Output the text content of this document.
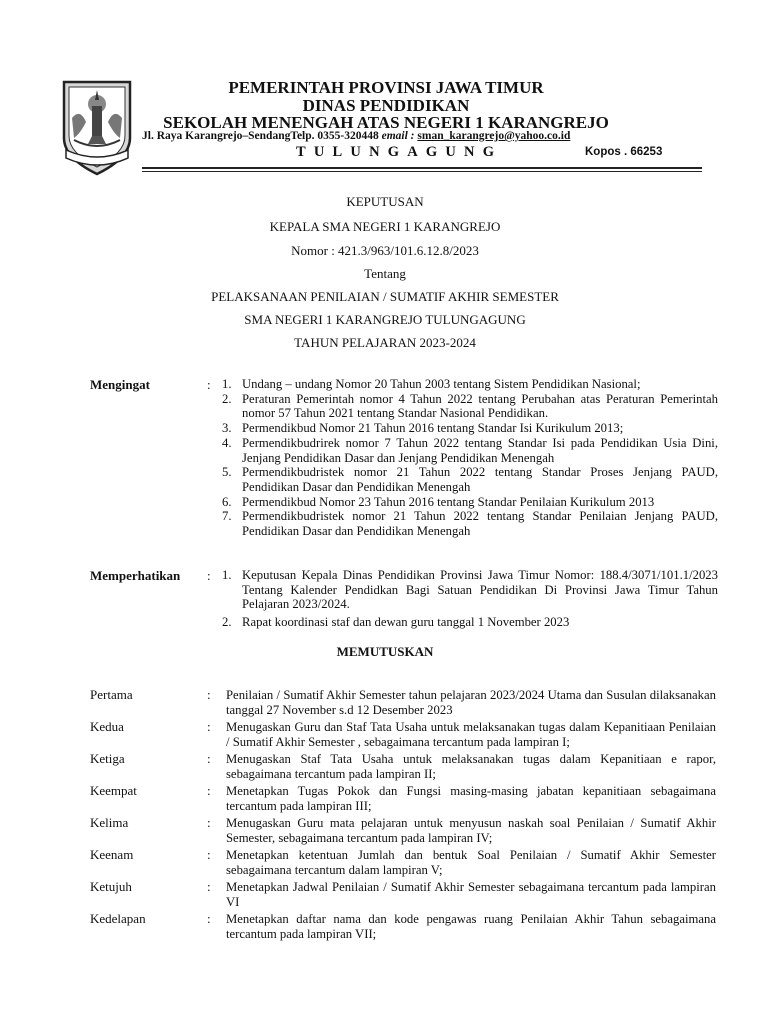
PEMERINTAH PROVINSI JAWA TIMUR
DINAS PENDIDIKAN
SEKOLAH MENENGAH ATAS NEGERI 1 KARANGREJO
Jl. Raya Karangrejo–SendangTelp. 0355-320448 email : sman_karangrejo@yahoo.co.id
TULUNGAGUNG	Kopos . 66253
KEPUTUSAN
KEPALA SMA NEGERI 1 KARANGREJO
Nomor : 421.3/963/101.6.12.8/2023
Tentang
PELAKSANAAN PENILAIAN / SUMATIF AKHIR SEMESTER
SMA NEGERI 1 KARANGREJO TULUNGAGUNG
TAHUN PELAJARAN 2023-2024
Mengingat	: 1. Undang – undang Nomor 20 Tahun 2003 tentang Sistem Pendidikan Nasional;
2. Peraturan Pemerintah nomor 4 Tahun 2022 tentang Perubahan atas Peraturan Pemerintah nomor 57 Tahun 2021 tentang Standar Nasional Pendidikan.
3. Permendikbud Nomor 21 Tahun 2016 tentang Standar Isi Kurikulum 2013;
4. Permendikbudrirek nomor 7 Tahun 2022 tentang Standar Isi pada Pendidikan Usia Dini, Jenjang Pendidikan Dasar dan Jenjang Pendidikan Menengah
5. Permendikbudristek nomor 21 Tahun 2022 tentang Standar Proses Jenjang PAUD, Pendidikan Dasar dan Pendidikan Menengah
6. Permendikbud Nomor 23 Tahun 2016 tentang Standar Penilaian Kurikulum 2013
7. Permendikbudristek nomor 21 Tahun 2022 tentang Standar Penilaian Jenjang PAUD, Pendidikan Dasar dan Pendidikan Menengah
Memperhatikan : 1. Keputusan Kepala Dinas Pendidikan Provinsi Jawa Timur Nomor: 188.4/3071/101.1/2023 Tentang Kalender Pendidkan Bagi Satuan Pendidikan Di Provinsi Jawa Timur Tahun Pelajaran 2023/2024.
2. Rapat koordinasi staf dan dewan guru tanggal 1 November 2023
MEMUTUSKAN
Pertama	: Penilaian / Sumatif Akhir Semester tahun pelajaran 2023/2024 Utama dan Susulan dilaksanakan tanggal 27 November s.d 12 Desember 2023
Kedua	: Menugaskan Guru dan Staf Tata Usaha untuk melaksanakan tugas dalam Kepanitiaan Penilaian / Sumatif Akhir Semester , sebagaimana tercantum pada lampiran I;
Ketiga	: Menugaskan Staf Tata Usaha untuk melaksanakan tugas dalam Kepanitiaan e rapor, sebagaimana tercantum pada lampiran II;
Keempat	: Menetapkan Tugas Pokok dan Fungsi masing-masing jabatan kepanitiaan sebagaimana tercantum pada lampiran III;
Kelima	: Menugaskan Guru mata pelajaran untuk menyusun naskah soal Penilaian / Sumatif Akhir Semester, sebagaimana tercantum pada lampiran IV;
Keenam	: Menetapkan ketentuan Jumlah dan bentuk Soal Penilaian / Sumatif Akhir Semester sebagaimana tercantum dalam lampiran V;
Ketujuh	: Menetapkan Jadwal Penilaian / Sumatif Akhir Semester sebagaimana tercantum pada lampiran VI
Kedelapan	: Menetapkan daftar nama dan kode pengawas ruang Penilaian Akhir Tahun sebagaimana tercantum pada lampiran VII;
